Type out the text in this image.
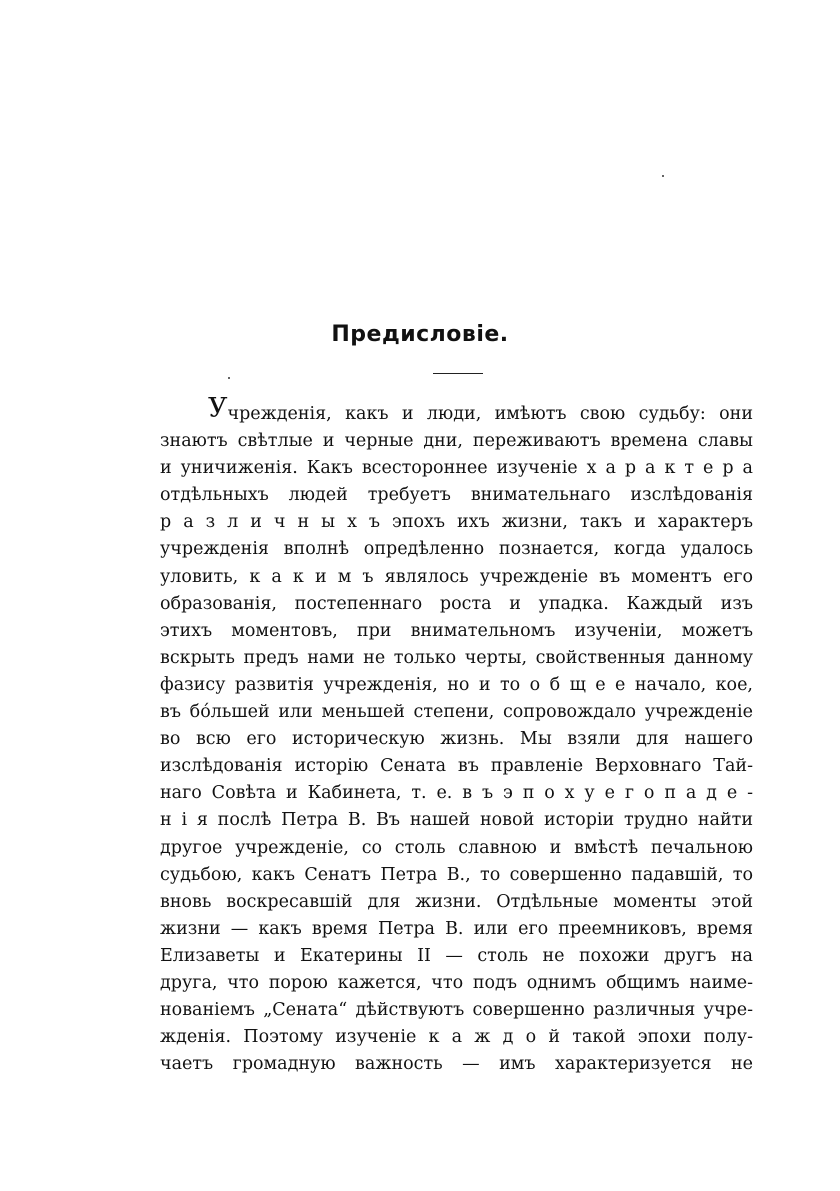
Предисловіе.
Учрежденія, какъ и люди, имѣютъ свою судьбу: они
знаютъ свѣтлые и черные дни, переживаютъ времена славы
и уничиженія. Какъ всестороннее изученіе х а р а к т е р а
отдѣльныхъ людей требуетъ внимательнаго изслѣдованія
р а з л и ч н ы х ъ эпохъ ихъ жизни, такъ и характеръ
учрежденія вполнѣ опредѣленно познается, когда удалось
уловить, к а к и м ъ являлось учрежденіе въ моментъ его
образованія, постепеннаго роста и упадка. Каждый изъ
этихъ моментовъ, при внимательномъ изученіи, можетъ
вскрыть предъ нами не только черты, свойственныя данному
фазису развитія учрежденія, но и то о б щ е е начало, кое,
въ бóльшей или меньшей степени, сопровождало учрежденіе
во всю его историческую жизнь. Мы взяли для нашего
изслѣдованія исторію Сената въ правленіе Верховнаго Тай-
наго Совѣта и Кабинета, т. е. в ъ э п о х у е г о п а д е -
н і я послѣ Петра В. Въ нашей новой исторіи трудно найти
другое учрежденіе, со столь славною и вмѣстѣ печальною
судьбою, какъ Сенатъ Петра В., то совершенно падавшій, то
вновь воскресавшій для жизни. Отдѣльные моменты этой
жизни — какъ время Петра В. или его преемниковъ, время
Елизаветы и Екатерины II — столь не похожи другъ на
друга, что порою кажется, что подъ однимъ общимъ наиме-
нованіемъ „Сената“ дѣйствуютъ совершенно различныя учре-
жденія. Поэтому изученіе к а ж д о й такой эпохи полу-
чаетъ громадную важность — имъ характеризуется не
